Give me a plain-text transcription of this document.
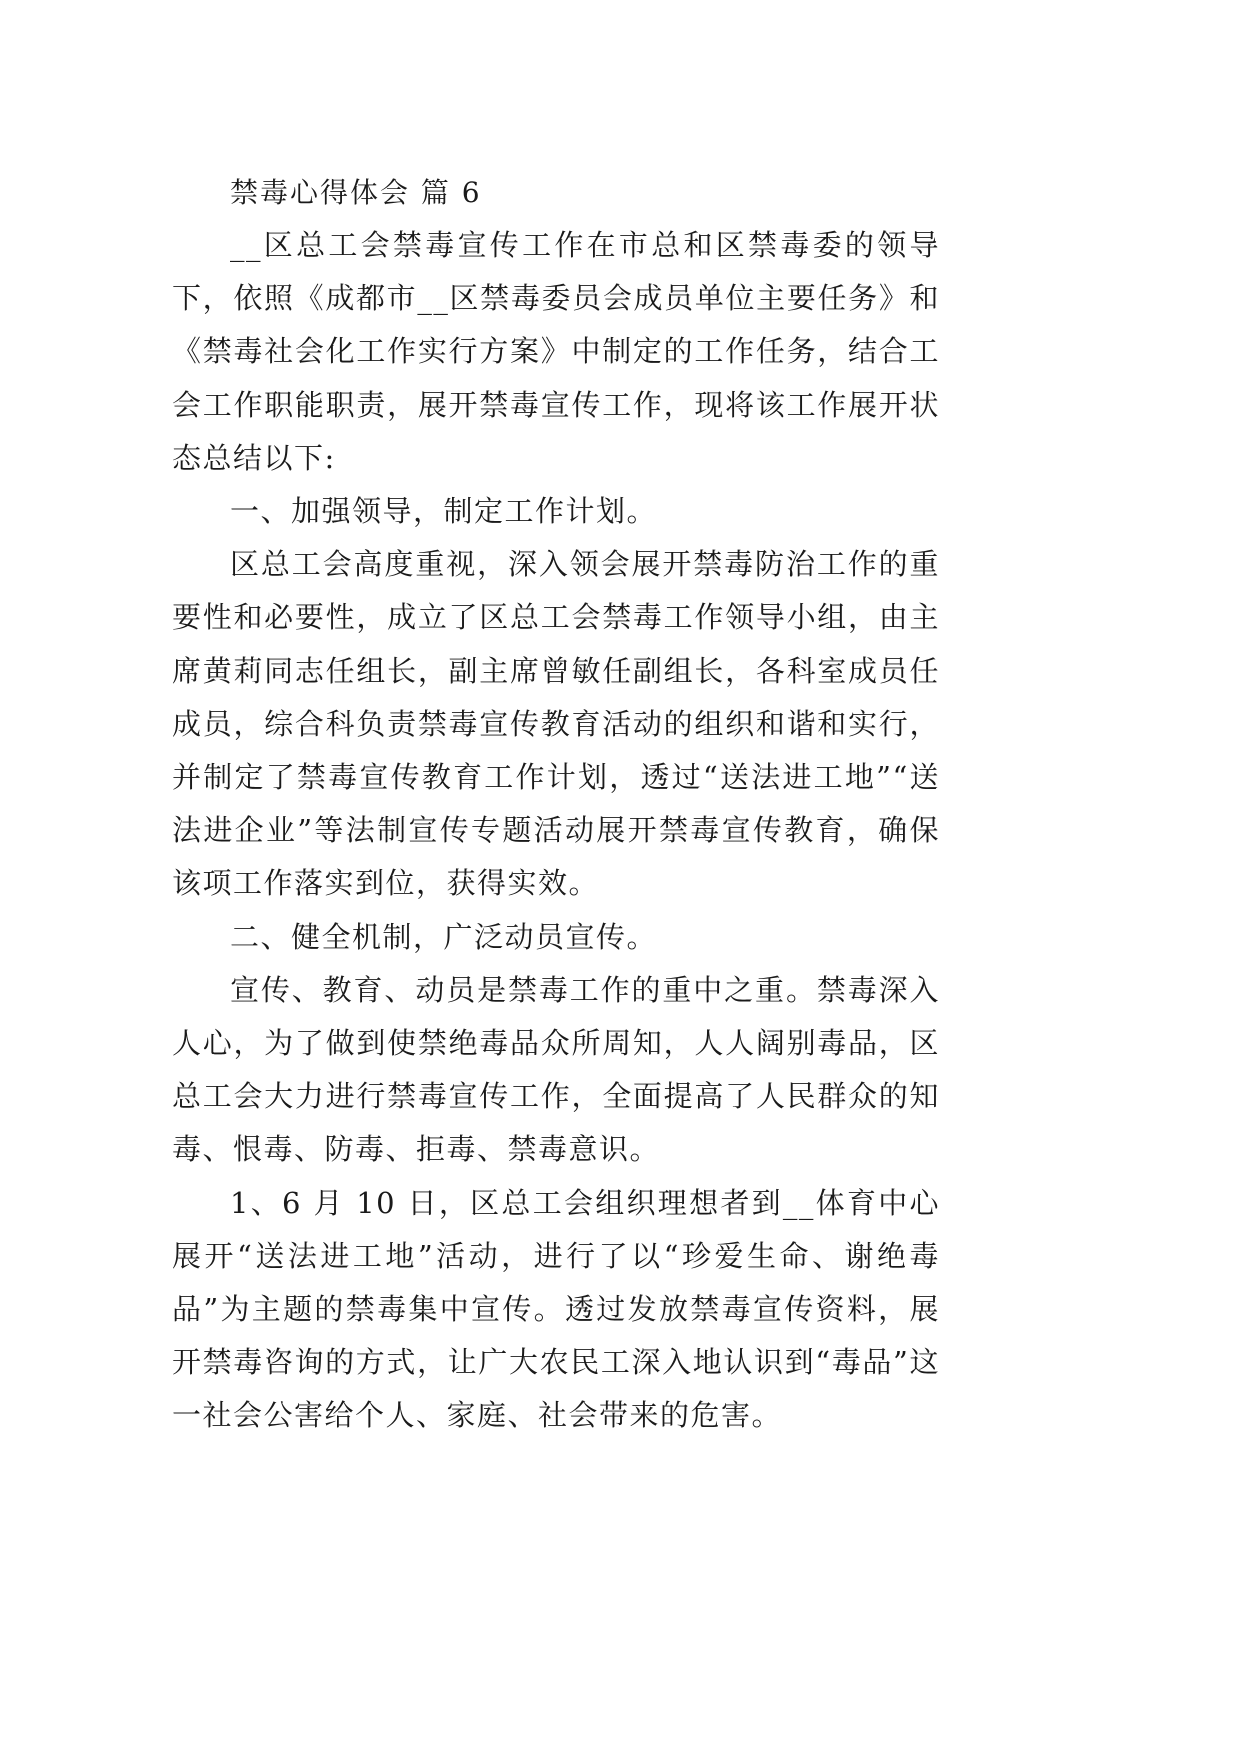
禁毒心得体会 篇 6

__区总工会禁毒宣传工作在市总和区禁毒委的领导下，依照《成都市__区禁毒委员会成员单位主要任务》和《禁毒社会化工作实行方案》中制定的工作任务，结合工会工作职能职责，展开禁毒宣传工作，现将该工作展开状态总结以下:

一、加强领导，制定工作计划。

区总工会高度重视，深入领会展开禁毒防治工作的重要性和必要性，成立了区总工会禁毒工作领导小组，由主席黄莉同志任组长，副主席曾敏任副组长，各科室成员任成员，综合科负责禁毒宣传教育活动的组织和谐和实行，并制定了禁毒宣传教育工作计划，透过“送法进工地”“送法进企业”等法制宣传专题活动展开禁毒宣传教育，确保该项工作落实到位，获得实效。

二、健全机制，广泛动员宣传。

宣传、教育、动员是禁毒工作的重中之重。禁毒深入人心，为了做到使禁绝毒品众所周知，人人阔别毒品，区总工会大力进行禁毒宣传工作，全面提高了人民群众的知毒、恨毒、防毒、拒毒、禁毒意识。

1、6 月 10 日，区总工会组织理想者到__体育中心展开“送法进工地”活动，进行了以“珍爱生命、谢绝毒品”为主题的禁毒集中宣传。透过发放禁毒宣传资料，展开禁毒咨询的方式，让广大农民工深入地认识到“毒品”这一社会公害给个人、家庭、社会带来的危害。
